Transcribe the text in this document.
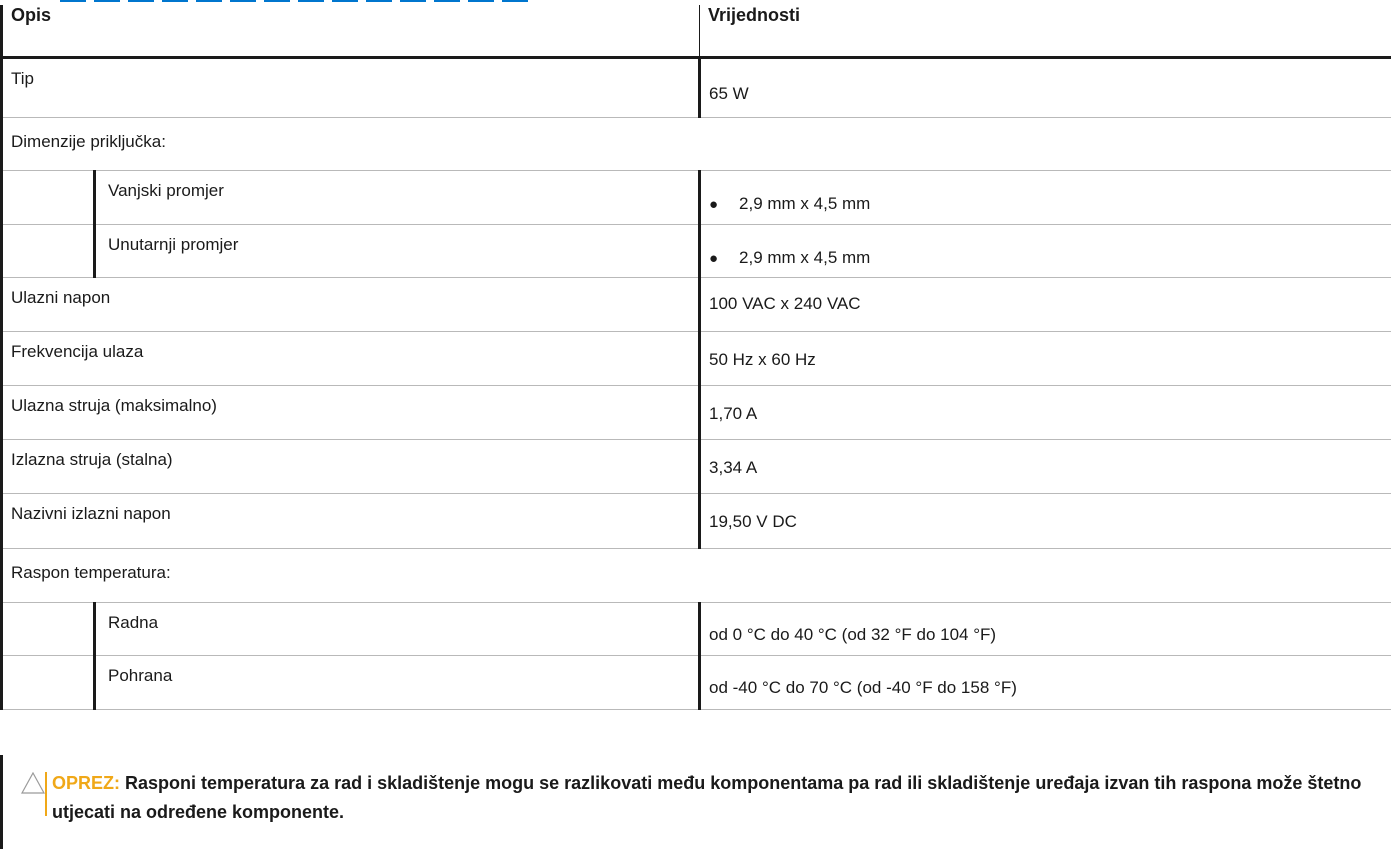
Opis		Vrijednosti
Tip		65 W
Dimenzije priključka:		
	Vanjski promjer	● 2,9 mm x 4,5 mm
	Unutarnji promjer	● 2,9 mm x 4,5 mm
Ulazni napon		100 VAC x 240 VAC
Frekvencija ulaza		50 Hz x 60 Hz
Ulazna struja (maksimalno)		1,70 A
Izlazna struja (stalna)		3,34 A
Nazivni izlazni napon		19,50 V DC
Raspon temperatura:		
	Radna	od 0 °C do 40 °C (od 32 °F do 104 °F)
	Pohrana	od -40 °C do 70 °C (od -40 °F do 158 °F)
OPREZ: Rasponi temperatura za rad i skladištenje mogu se razlikovati među komponentama pa rad ili skladištenje uređaja izvan tih raspona može štetno utjecati na određene komponente.
